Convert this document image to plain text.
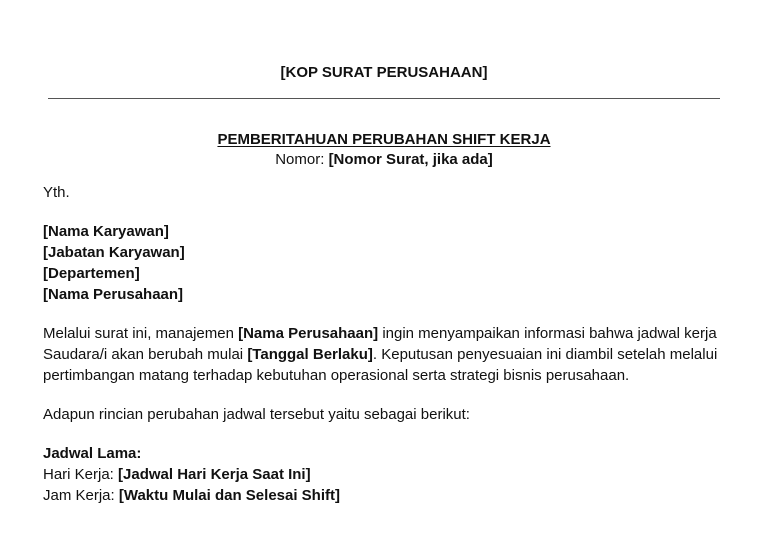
[KOP SURAT PERUSAHAAN]
PEMBERITAHUAN PERUBAHAN SHIFT KERJA
Nomor: [Nomor Surat, jika ada]

Yth.

[Nama Karyawan]
[Jabatan Karyawan]
[Departemen]
[Nama Perusahaan]

Melalui surat ini, manajemen [Nama Perusahaan] ingin menyampaikan informasi bahwa jadwal kerja Saudara/i akan berubah mulai [Tanggal Berlaku]. Keputusan penyesuaian ini diambil setelah melalui pertimbangan matang terhadap kebutuhan operasional serta strategi bisnis perusahaan.

Adapun rincian perubahan jadwal tersebut yaitu sebagai berikut:

Jadwal Lama:
Hari Kerja: [Jadwal Hari Kerja Saat Ini]
Jam Kerja: [Waktu Mulai dan Selesai Shift]
